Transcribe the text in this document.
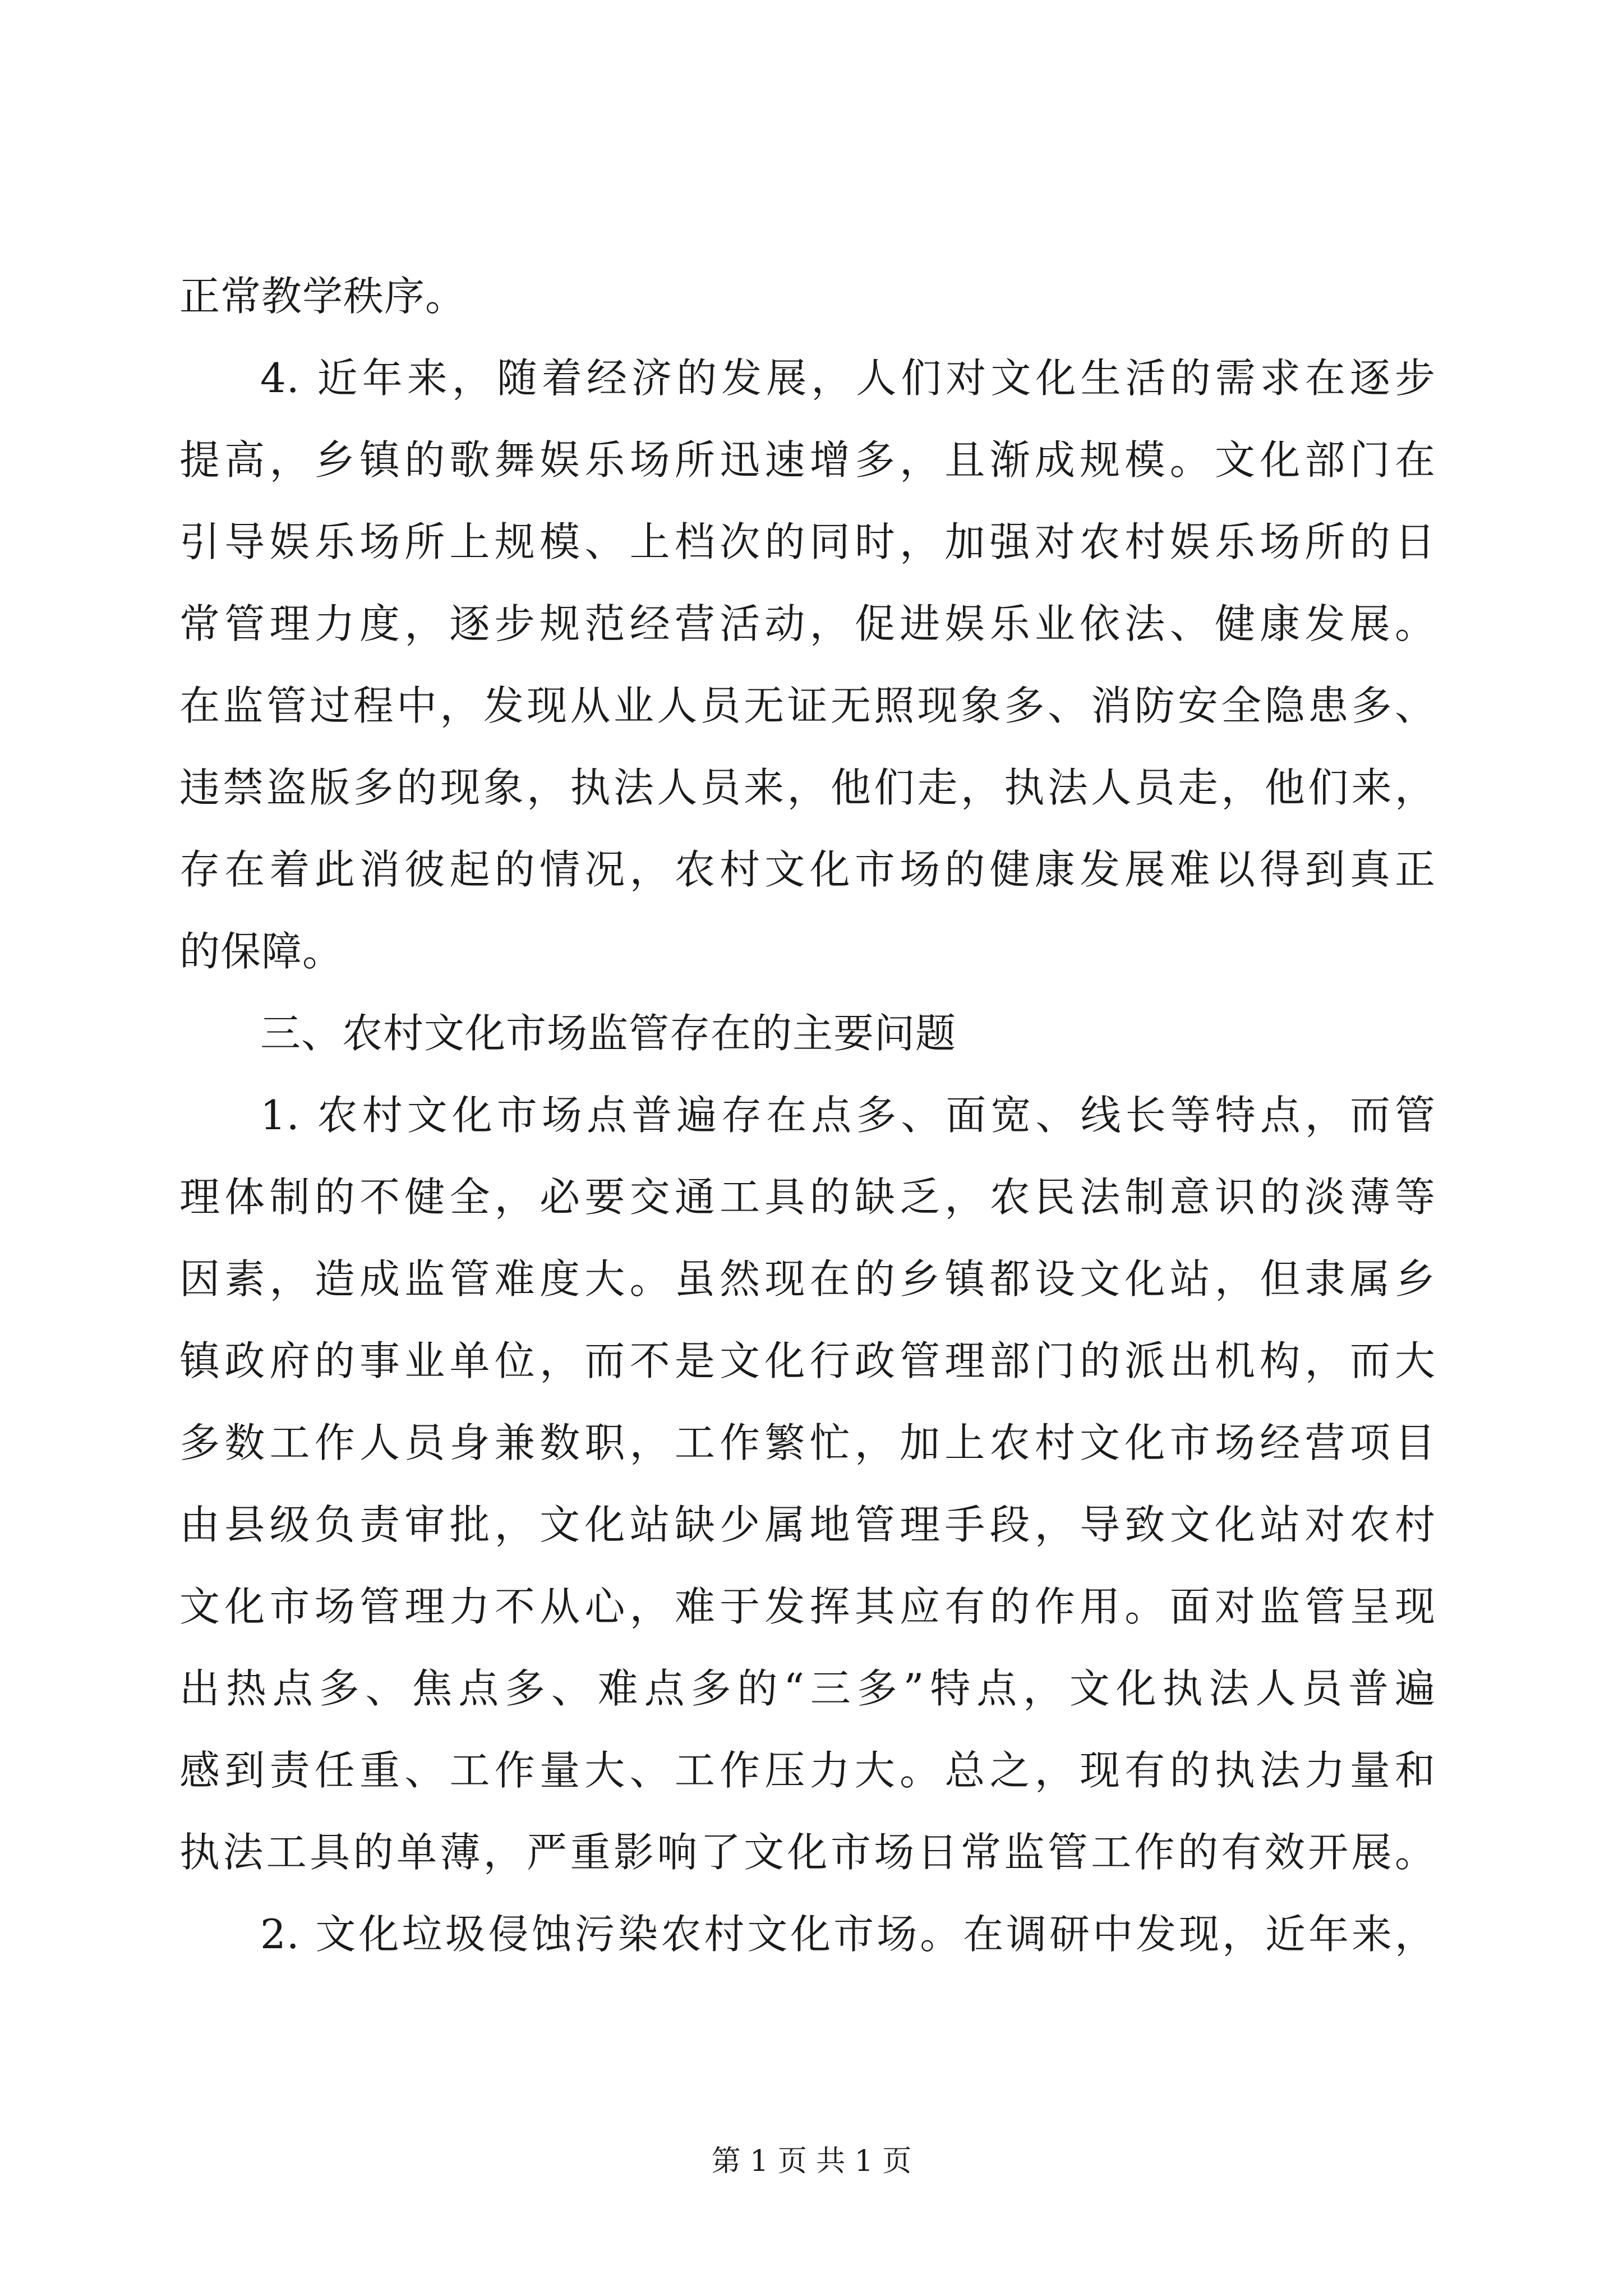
正常教学秩序。
4. 近年来，随着经济的发展，人们对文化生活的需求在逐步
提高，乡镇的歌舞娱乐场所迅速增多，且渐成规模。文化部门在
引导娱乐场所上规模、上档次的同时，加强对农村娱乐场所的日
常管理力度，逐步规范经营活动，促进娱乐业依法、健康发展。
在监管过程中，发现从业人员无证无照现象多、消防安全隐患多、
违禁盗版多的现象，执法人员来，他们走，执法人员走，他们来，
存在着此消彼起的情况，农村文化市场的健康发展难以得到真正
的保障。
三、农村文化市场监管存在的主要问题
1. 农村文化市场点普遍存在点多、面宽、线长等特点，而管
理体制的不健全，必要交通工具的缺乏，农民法制意识的淡薄等
因素，造成监管难度大。虽然现在的乡镇都设文化站，但隶属乡
镇政府的事业单位，而不是文化行政管理部门的派出机构，而大
多数工作人员身兼数职，工作繁忙，加上农村文化市场经营项目
由县级负责审批，文化站缺少属地管理手段，导致文化站对农村
文化市场管理力不从心，难于发挥其应有的作用。面对监管呈现
出热点多、焦点多、难点多的“三多”特点，文化执法人员普遍
感到责任重、工作量大、工作压力大。总之，现有的执法力量和
执法工具的单薄，严重影响了文化市场日常监管工作的有效开展。
2. 文化垃圾侵蚀污染农村文化市场。在调研中发现，近年来，
第 1 页 共 1 页
